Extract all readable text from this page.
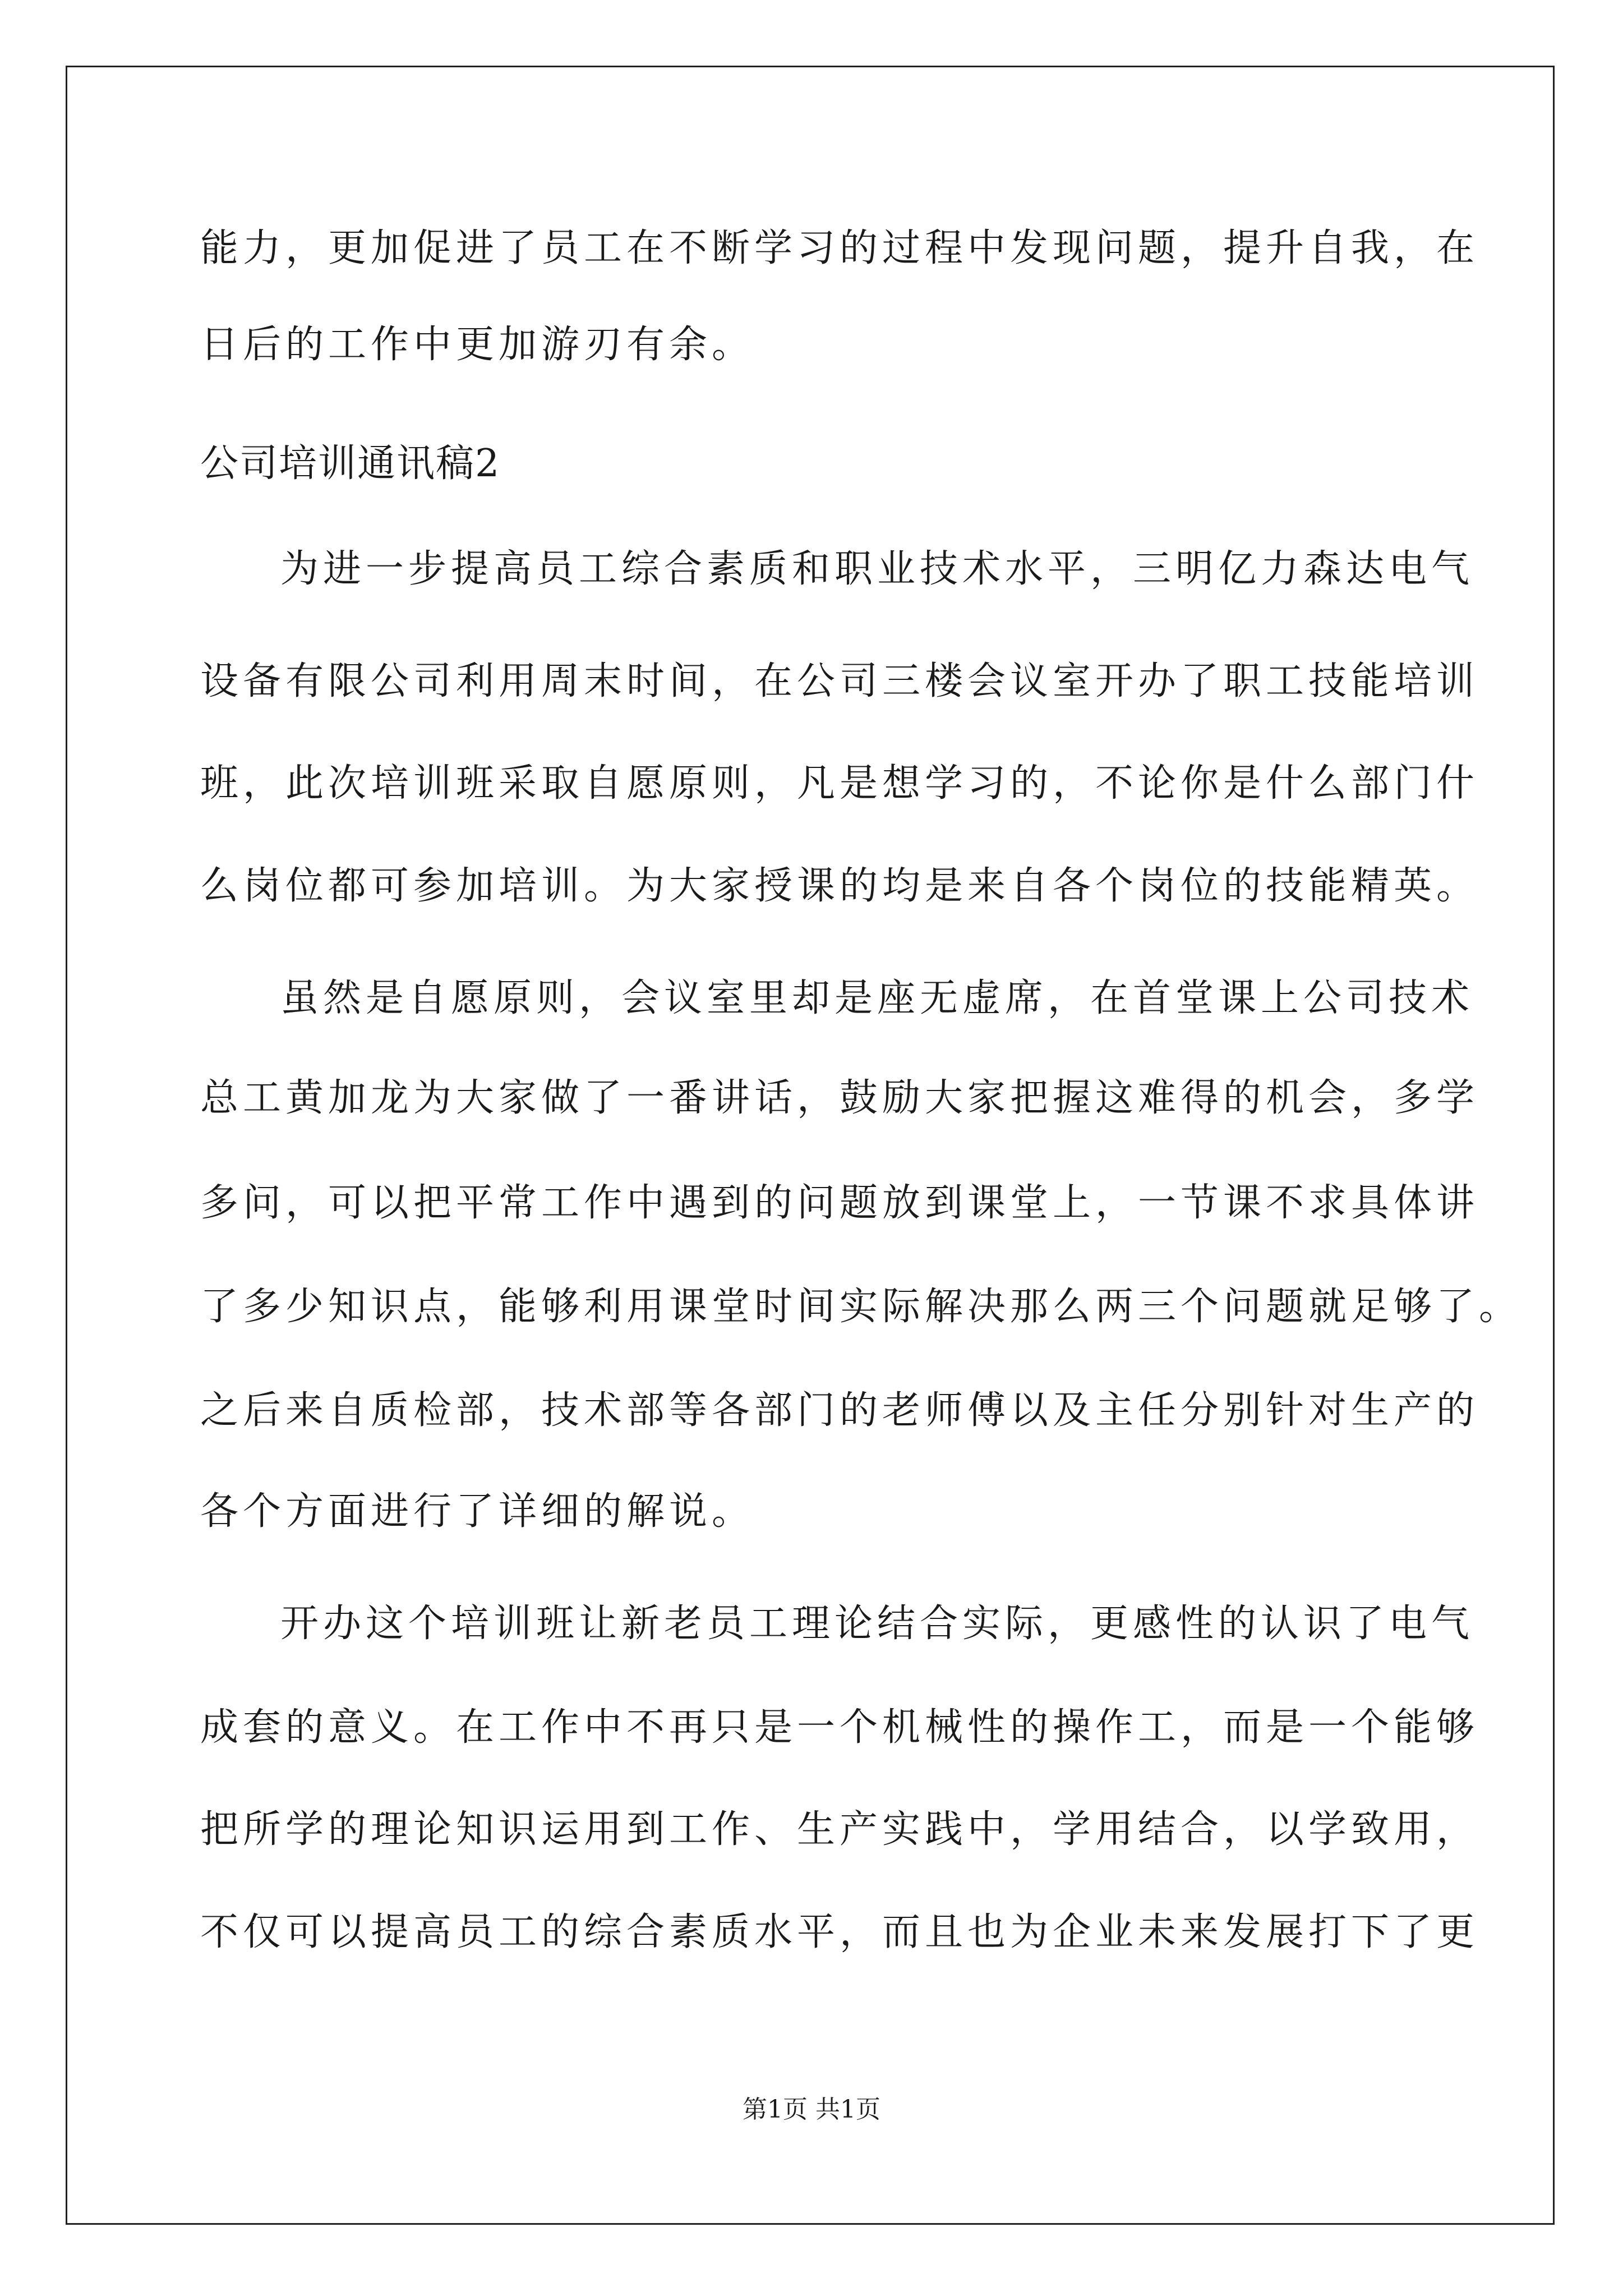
能力，更加促进了员工在不断学习的过程中发现问题，提升自我，在
日后的工作中更加游刃有余。
公司培训通讯稿2
为进一步提高员工综合素质和职业技术水平，三明亿力森达电气
设备有限公司利用周末时间，在公司三楼会议室开办了职工技能培训
班，此次培训班采取自愿原则，凡是想学习的，不论你是什么部门什
么岗位都可参加培训。为大家授课的均是来自各个岗位的技能精英。
虽然是自愿原则，会议室里却是座无虚席，在首堂课上公司技术
总工黄加龙为大家做了一番讲话，鼓励大家把握这难得的机会，多学
多问，可以把平常工作中遇到的问题放到课堂上，一节课不求具体讲
了多少知识点，能够利用课堂时间实际解决那么两三个问题就足够了。
之后来自质检部，技术部等各部门的老师傅以及主任分别针对生产的
各个方面进行了详细的解说。
开办这个培训班让新老员工理论结合实际，更感性的认识了电气
成套的意义。在工作中不再只是一个机械性的操作工，而是一个能够
把所学的理论知识运用到工作、生产实践中，学用结合，以学致用，
不仅可以提高员工的综合素质水平，而且也为企业未来发展打下了更
第1页 共1页
